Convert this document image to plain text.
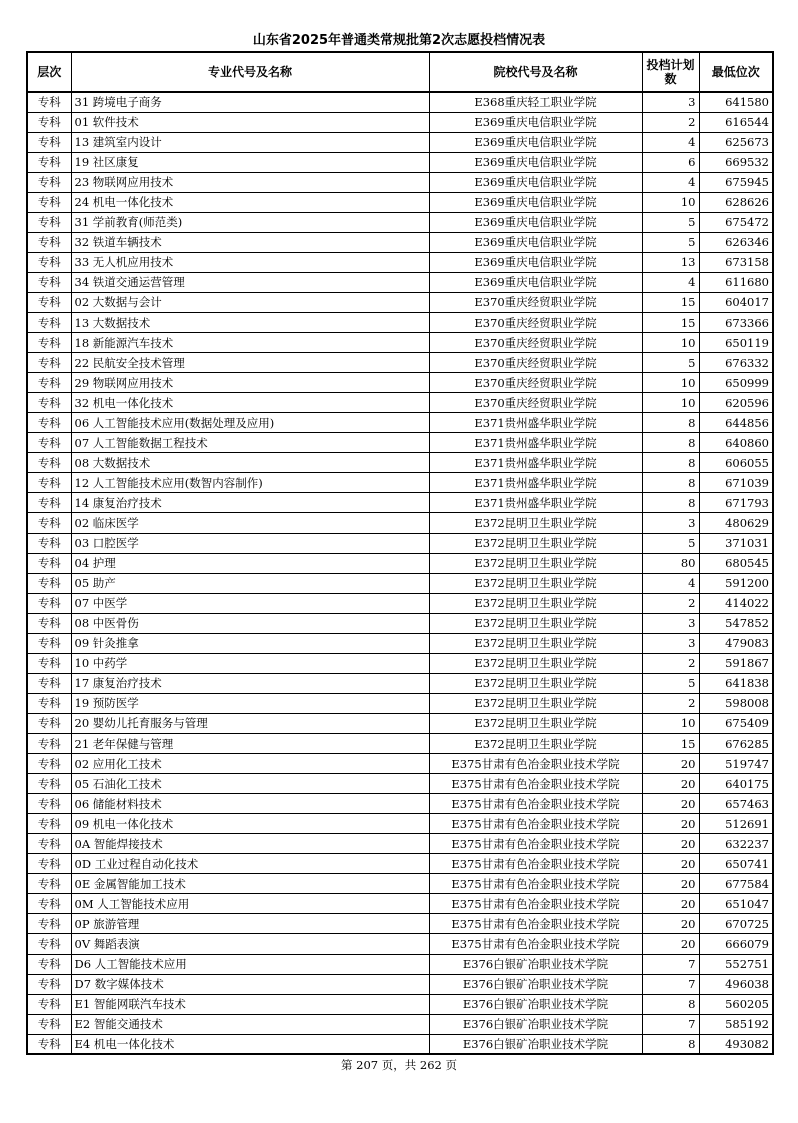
山东省2025年普通类常规批第2次志愿投档情况表
层次	专业代号及名称	院校代号及名称	投档计划数	最低位次
专科	31 跨境电子商务	E368重庆轻工职业学院	3	641580
专科	01 软件技术	E369重庆电信职业学院	2	616544
专科	13 建筑室内设计	E369重庆电信职业学院	4	625673
专科	19 社区康复	E369重庆电信职业学院	6	669532
专科	23 物联网应用技术	E369重庆电信职业学院	4	675945
专科	24 机电一体化技术	E369重庆电信职业学院	10	628626
专科	31 学前教育(师范类)	E369重庆电信职业学院	5	675472
专科	32 铁道车辆技术	E369重庆电信职业学院	5	626346
专科	33 无人机应用技术	E369重庆电信职业学院	13	673158
专科	34 铁道交通运营管理	E369重庆电信职业学院	4	611680
专科	02 大数据与会计	E370重庆经贸职业学院	15	604017
专科	13 大数据技术	E370重庆经贸职业学院	15	673366
专科	18 新能源汽车技术	E370重庆经贸职业学院	10	650119
专科	22 民航安全技术管理	E370重庆经贸职业学院	5	676332
专科	29 物联网应用技术	E370重庆经贸职业学院	10	650999
专科	32 机电一体化技术	E370重庆经贸职业学院	10	620596
专科	06 人工智能技术应用(数据处理及应用)	E371贵州盛华职业学院	8	644856
专科	07 人工智能数据工程技术	E371贵州盛华职业学院	8	640860
专科	08 大数据技术	E371贵州盛华职业学院	8	606055
专科	12 人工智能技术应用(数智内容制作)	E371贵州盛华职业学院	8	671039
专科	14 康复治疗技术	E371贵州盛华职业学院	8	671793
专科	02 临床医学	E372昆明卫生职业学院	3	480629
专科	03 口腔医学	E372昆明卫生职业学院	5	371031
专科	04 护理	E372昆明卫生职业学院	80	680545
专科	05 助产	E372昆明卫生职业学院	4	591200
专科	07 中医学	E372昆明卫生职业学院	2	414022
专科	08 中医骨伤	E372昆明卫生职业学院	3	547852
专科	09 针灸推拿	E372昆明卫生职业学院	3	479083
专科	10 中药学	E372昆明卫生职业学院	2	591867
专科	17 康复治疗技术	E372昆明卫生职业学院	5	641838
专科	19 预防医学	E372昆明卫生职业学院	2	598008
专科	20 婴幼儿托育服务与管理	E372昆明卫生职业学院	10	675409
专科	21 老年保健与管理	E372昆明卫生职业学院	15	676285
专科	02 应用化工技术	E375甘肃有色冶金职业技术学院	20	519747
专科	05 石油化工技术	E375甘肃有色冶金职业技术学院	20	640175
专科	06 储能材料技术	E375甘肃有色冶金职业技术学院	20	657463
专科	09 机电一体化技术	E375甘肃有色冶金职业技术学院	20	512691
专科	0A 智能焊接技术	E375甘肃有色冶金职业技术学院	20	632237
专科	0D 工业过程自动化技术	E375甘肃有色冶金职业技术学院	20	650741
专科	0E 金属智能加工技术	E375甘肃有色冶金职业技术学院	20	677584
专科	0M 人工智能技术应用	E375甘肃有色冶金职业技术学院	20	651047
专科	0P 旅游管理	E375甘肃有色冶金职业技术学院	20	670725
专科	0V 舞蹈表演	E375甘肃有色冶金职业技术学院	20	666079
专科	D6 人工智能技术应用	E376白银矿冶职业技术学院	7	552751
专科	D7 数字媒体技术	E376白银矿冶职业技术学院	7	496038
专科	E1 智能网联汽车技术	E376白银矿冶职业技术学院	8	560205
专科	E2 智能交通技术	E376白银矿冶职业技术学院	7	585192
专科	E4 机电一体化技术	E376白银矿冶职业技术学院	8	493082
第 207 页，共 262 页
